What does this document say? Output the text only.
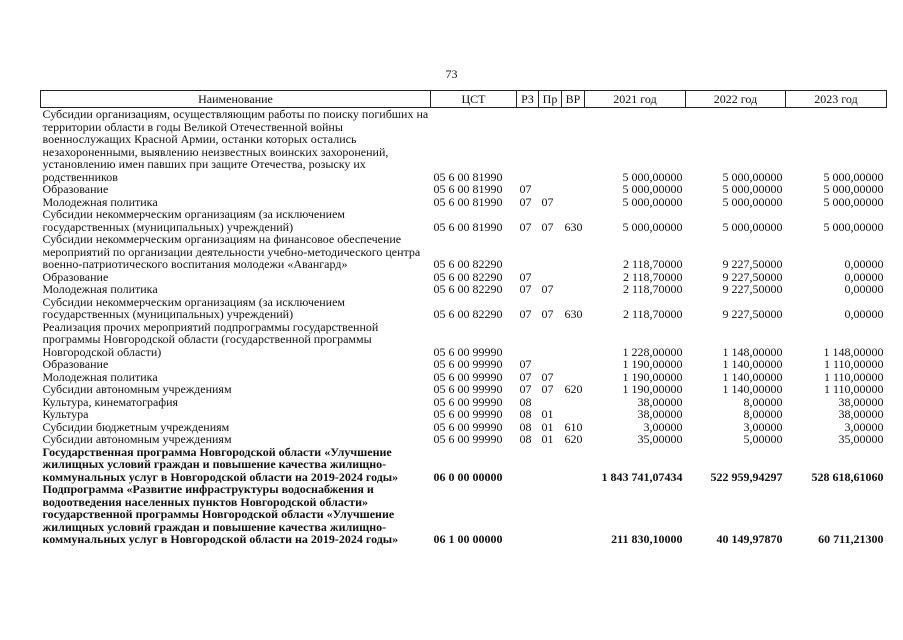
73
Наименование	ЦСТ	РЗ	Пр	ВР	2021 год	2022 год	2023 год
Субсидии организациям, осуществляющим работы по поиску погибших на территории области в годы Великой Отечественной войны военнослужащих Красной Армии, останки которых остались незахороненными, выявлению неизвестных воинских захоронений, установлению имен павших при защите Отечества, розыску их родственников	05 6 00 81990				5 000,00000	5 000,00000	5 000,00000
Образование	05 6 00 81990	07			5 000,00000	5 000,00000	5 000,00000
Молодежная политика	05 6 00 81990	07	07		5 000,00000	5 000,00000	5 000,00000
Субсидии некоммерческим организациям (за исключением государственных (муниципальных) учреждений)	05 6 00 81990	07	07	630	5 000,00000	5 000,00000	5 000,00000
Субсидии некоммерческим организациям на финансовое обеспечение мероприятий по организации деятельности учебно-методического центра военно-патриотического воспитания молодежи «Авангард»	05 6 00 82290				2 118,70000	9 227,50000	0,00000
Образование	05 6 00 82290	07			2 118,70000	9 227,50000	0,00000
Молодежная политика	05 6 00 82290	07	07		2 118,70000	9 227,50000	0,00000
Субсидии некоммерческим организациям (за исключением государственных (муниципальных) учреждений)	05 6 00 82290	07	07	630	2 118,70000	9 227,50000	0,00000
Реализация прочих мероприятий подпрограммы государственной программы Новгородской области (государственной программы Новгородской области)	05 6 00 99990				1 228,00000	1 148,00000	1 148,00000
Образование	05 6 00 99990	07			1 190,00000	1 140,00000	1 110,00000
Молодежная политика	05 6 00 99990	07	07		1 190,00000	1 140,00000	1 110,00000
Субсидии автономным учреждениям	05 6 00 99990	07	07	620	1 190,00000	1 140,00000	1 110,00000
Культура, кинематография	05 6 00 99990	08			38,00000	8,00000	38,00000
Культура	05 6 00 99990	08	01		38,00000	8,00000	38,00000
Субсидии бюджетным учреждениям	05 6 00 99990	08	01	610	3,00000	3,00000	3,00000
Субсидии автономным учреждениям	05 6 00 99990	08	01	620	35,00000	5,00000	35,00000
Государственная программа Новгородской области «Улучшение жилищных условий граждан и повышение качества жилищно-коммунальных услуг в Новгородской области на 2019-2024 годы»	06 0 00 00000				1 843 741,07434	522 959,94297	528 618,61060
Подпрограмма «Развитие инфраструктуры водоснабжения и водоотведения населенных пунктов Новгородской области» государственной программы Новгородской области «Улучшение жилищных условий граждан и повышение качества жилищно-коммунальных услуг в Новгородской области на 2019-2024 годы»	06 1 00 00000				211 830,10000	40 149,97870	60 711,21300
